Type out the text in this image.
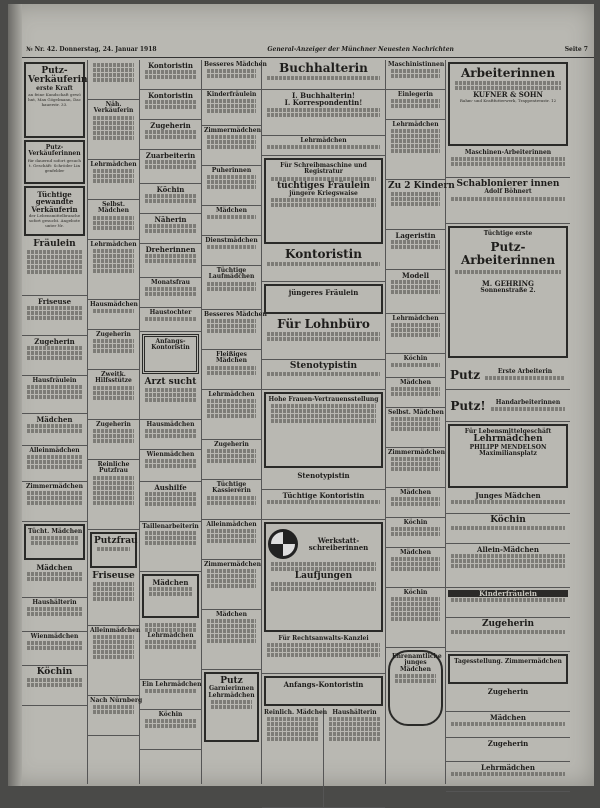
№ Nr. 42. Donnerstag, 24. Januar 1918	General-Anzeiger der Münchner Neuesten Nachrichten	Seite 7
Putz-Verkäuferin
erste Kraft
an feine Kundschaft gewöhnt, Max Gögelmann, Dachauerstr. 33.
Putz-Verkäuferinnen
für dauernd sofort gesucht. Geschäft: Schröder Lingenfelder
Tüchtige gewandte Verkäuferin
der Lebensmittelbranche sofort gesucht. Angebote unter Nr.
Fräulein
Friseuse
Zugeherin
Hausfräulein
Mädchen
Alleinmädchen
Zimmermädchen
Tücht. Mädchen
Mädchen
Haushälterin
Wienmädchen
Köchin
Näh. Verkäuferin
Lehrmädchen
Selbst. Mädchen
Lehrmädchen
Hausmädchen
Zugeherin
Zweitk. Hilfsstütze
Zugeherin
Reinliche Putzfrau
Putzfrau
Friseuse
Alleinmädchen
Nach Nürnberg
Kontoristin
Kontoristin
Zugeherin
Zuarbeiterin
Köchin
Näherin
Dreherinnen
Monatsfrau
Haustochter
Anfangs-Kontoristin
Arzt sucht
Hausmädchen
Wienmädchen
Aushilfe
Taillenarbeiterin
Mädchen
Lehrmädchen
Ein Lehrmädchen
Köchin
Besseres Mädchen
Kinderfräulein
Zimmermädchen
Puherinnen
Mädchen
Dienstmädchen
Tüchtige Laufmädchen
Besseres Mädchen
Fleißiges Mädchen
Lehrmädchen
Zugeherin
Tüchtige Kassiererin
Alleinmädchen
Zimmermädchen
Mädchen
Putz
Garnierinnen Lehrmädchen
Buchhalterin
I. Buchhalterin!
I. Korrespondentin!
Lehrmädchen
Für Schreibmaschine und Registratur
tüchtiges Fräulein
jüngere Kriegswaise
Kontoristin
jüngeres Fräulein
Für Lohnbüro
Stenotypistin
Hohe Frauen-Vertrauensstellung
Stenotypistin
Tüchtige Kontoristin
Werkstatt-schreiberinnen
Laufjungen
Für Rechtsanwalts-Kanzlei
Anfangs-Kontoristin
Reinlich. Mädchen Haushälterin
Maschinistinnen
Einlegerin
Lehrmädchen
Zu 2 Kindern
Lageristin
Modell
Lehrmädchen
Köchin
Mädchen
Selbst. Mädchen
Zimmermädchen
Mädchen
Köchin
Mädchen
Köchin
Ehrenamtliche
junges Mädchen
Arbeiterinnen
KUFNER & SOHN
Rahm- und Kraftfutterwerk, Trappentreustr. 12
Maschinen-Arbeiterinnen
Schablonierer innen
Adolf Böhnert
Tüchtige erste
Putz-Arbeiterinnen
M. GEHRING
Sonnenstraße 2.
Putz	Erste Arbeiterin
Putz!	Handarbeiterinnen
Für Lebensmittelgeschäft
Lehrmädchen
PHILIPP MENDELSON
Maximiliansplatz
Junges Mädchen
Köchin
Allein-Mädchen
Kinderfräulein
Zugeherin
Tagesstellung. Zimmermädchen
Zugeherin
Mädchen
Zugeherin
Lehrmädchen
